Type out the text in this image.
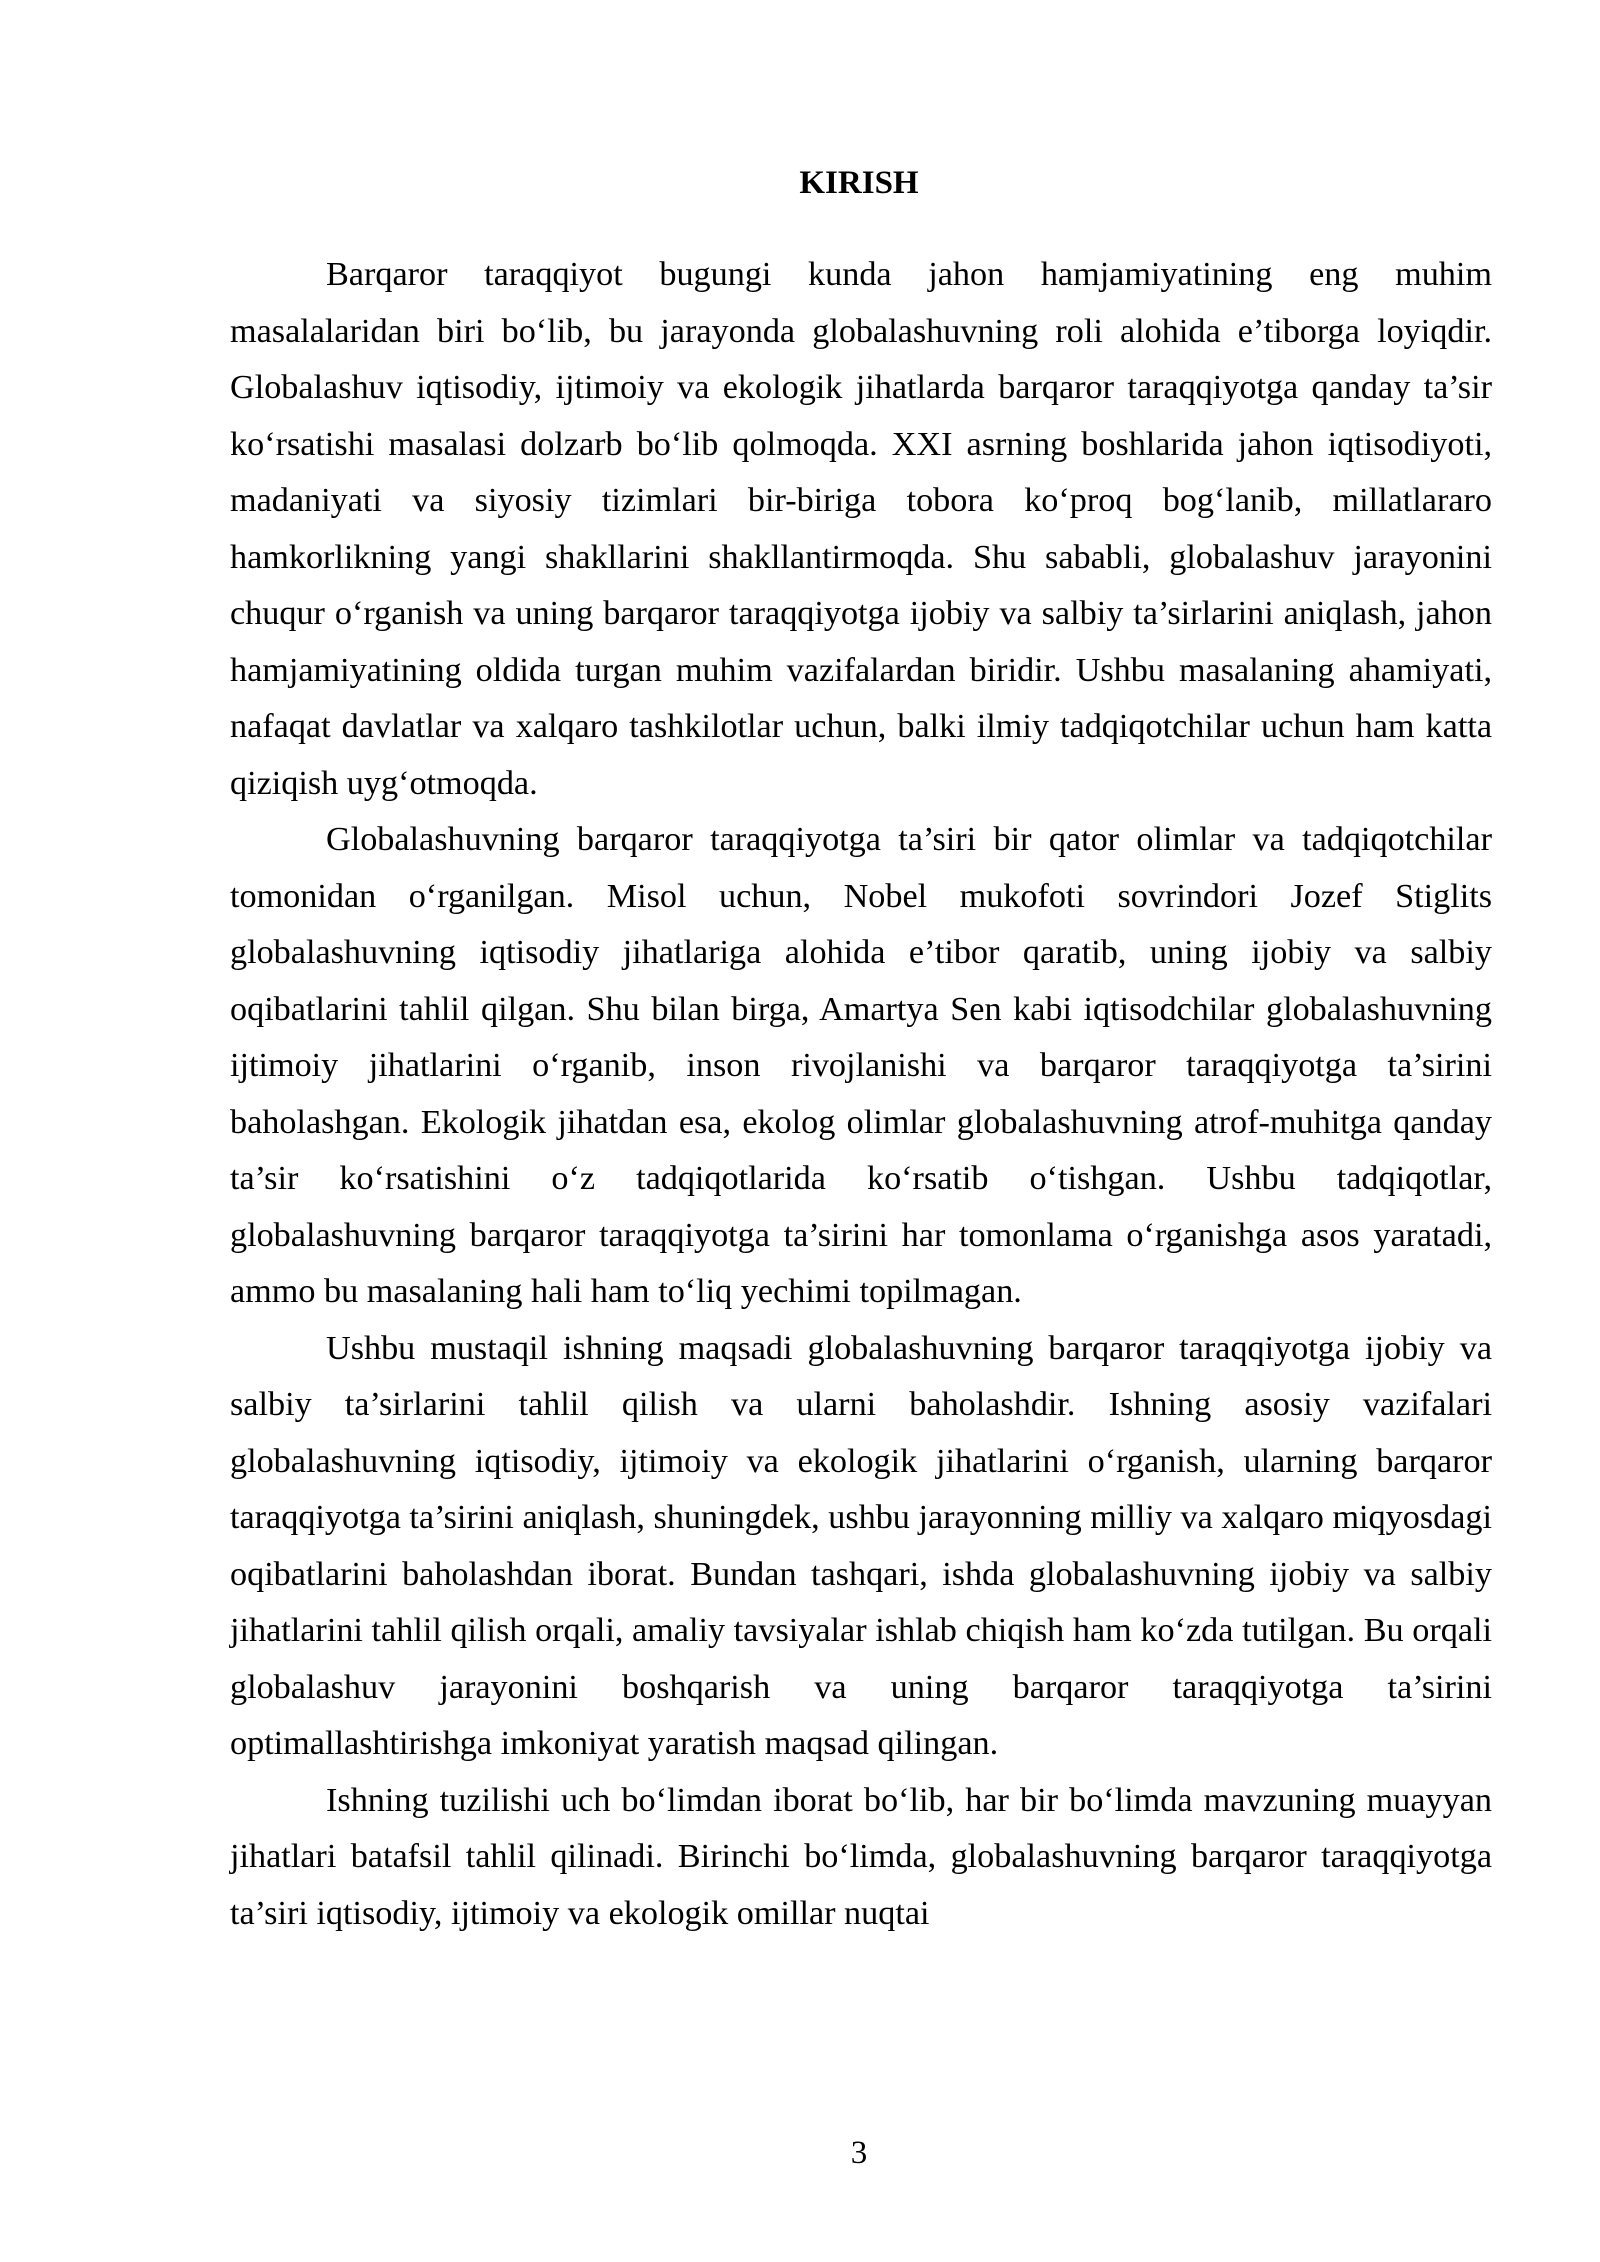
KIRISH

Barqaror taraqqiyot bugungi kunda jahon hamjamiyatining eng muhim masalalaridan biri bo‘lib, bu jarayonda globalashuvning roli alohida e’tiborga loyiqdir. Globalashuv iqtisodiy, ijtimoiy va ekologik jihatlarda barqaror taraqqiyotga qanday ta’sir ko‘rsatishi masalasi dolzarb bo‘lib qolmoqda. XXI asrning boshlarida jahon iqtisodiyoti, madaniyati va siyosiy tizimlari bir-biriga tobora ko‘proq bog‘lanib, millatlararo hamkorlikning yangi shakllarini shakllantirmoqda. Shu sababli, globalashuv jarayonini chuqur o‘rganish va uning barqaror taraqqiyotga ijobiy va salbiy ta’sirlarini aniqlash, jahon hamjamiyatining oldida turgan muhim vazifalardan biridir. Ushbu masalaning ahamiyati, nafaqat davlatlar va xalqaro tashkilotlar uchun, balki ilmiy tadqiqotchilar uchun ham katta qiziqish uyg‘otmoqda.

Globalashuvning barqaror taraqqiyotga ta’siri bir qator olimlar va tadqiqotchilar tomonidan o‘rganilgan. Misol uchun, Nobel mukofoti sovrindori Jozef Stiglits globalashuvning iqtisodiy jihatlariga alohida e’tibor qaratib, uning ijobiy va salbiy oqibatlarini tahlil qilgan. Shu bilan birga, Amartya Sen kabi iqtisodchilar globalashuvning ijtimoiy jihatlarini o‘rganib, inson rivojlanishi va barqaror taraqqiyotga ta’sirini baholashgan. Ekologik jihatdan esa, ekolog olimlar globalashuvning atrof-muhitga qanday ta’sir ko‘rsatishini o‘z tadqiqotlarida ko‘rsatib o‘tishgan. Ushbu tadqiqotlar, globalashuvning barqaror taraqqiyotga ta’sirini har tomonlama o‘rganishga asos yaratadi, ammo bu masalaning hali ham to‘liq yechimi topilmagan.

Ushbu mustaqil ishning maqsadi globalashuvning barqaror taraqqiyotga ijobiy va salbiy ta’sirlarini tahlil qilish va ularni baholashdir. Ishning asosiy vazifalari globalashuvning iqtisodiy, ijtimoiy va ekologik jihatlarini o‘rganish, ularning barqaror taraqqiyotga ta’sirini aniqlash, shuningdek, ushbu jarayonning milliy va xalqaro miqyosdagi oqibatlarini baholashdan iborat. Bundan tashqari, ishda globalashuvning ijobiy va salbiy jihatlarini tahlil qilish orqali, amaliy tavsiyalar ishlab chiqish ham ko‘zda tutilgan. Bu orqali globalashuv jarayonini boshqarish va uning barqaror taraqqiyotga ta’sirini optimallashtirishga imkoniyat yaratish maqsad qilingan.

Ishning tuzilishi uch bo‘limdan iborat bo‘lib, har bir bo‘limda mavzuning muayyan jihatlari batafsil tahlil qilinadi. Birinchi bo‘limda, globalashuvning barqaror taraqqiyotga ta’siri iqtisodiy, ijtimoiy va ekologik omillar nuqtai

3
